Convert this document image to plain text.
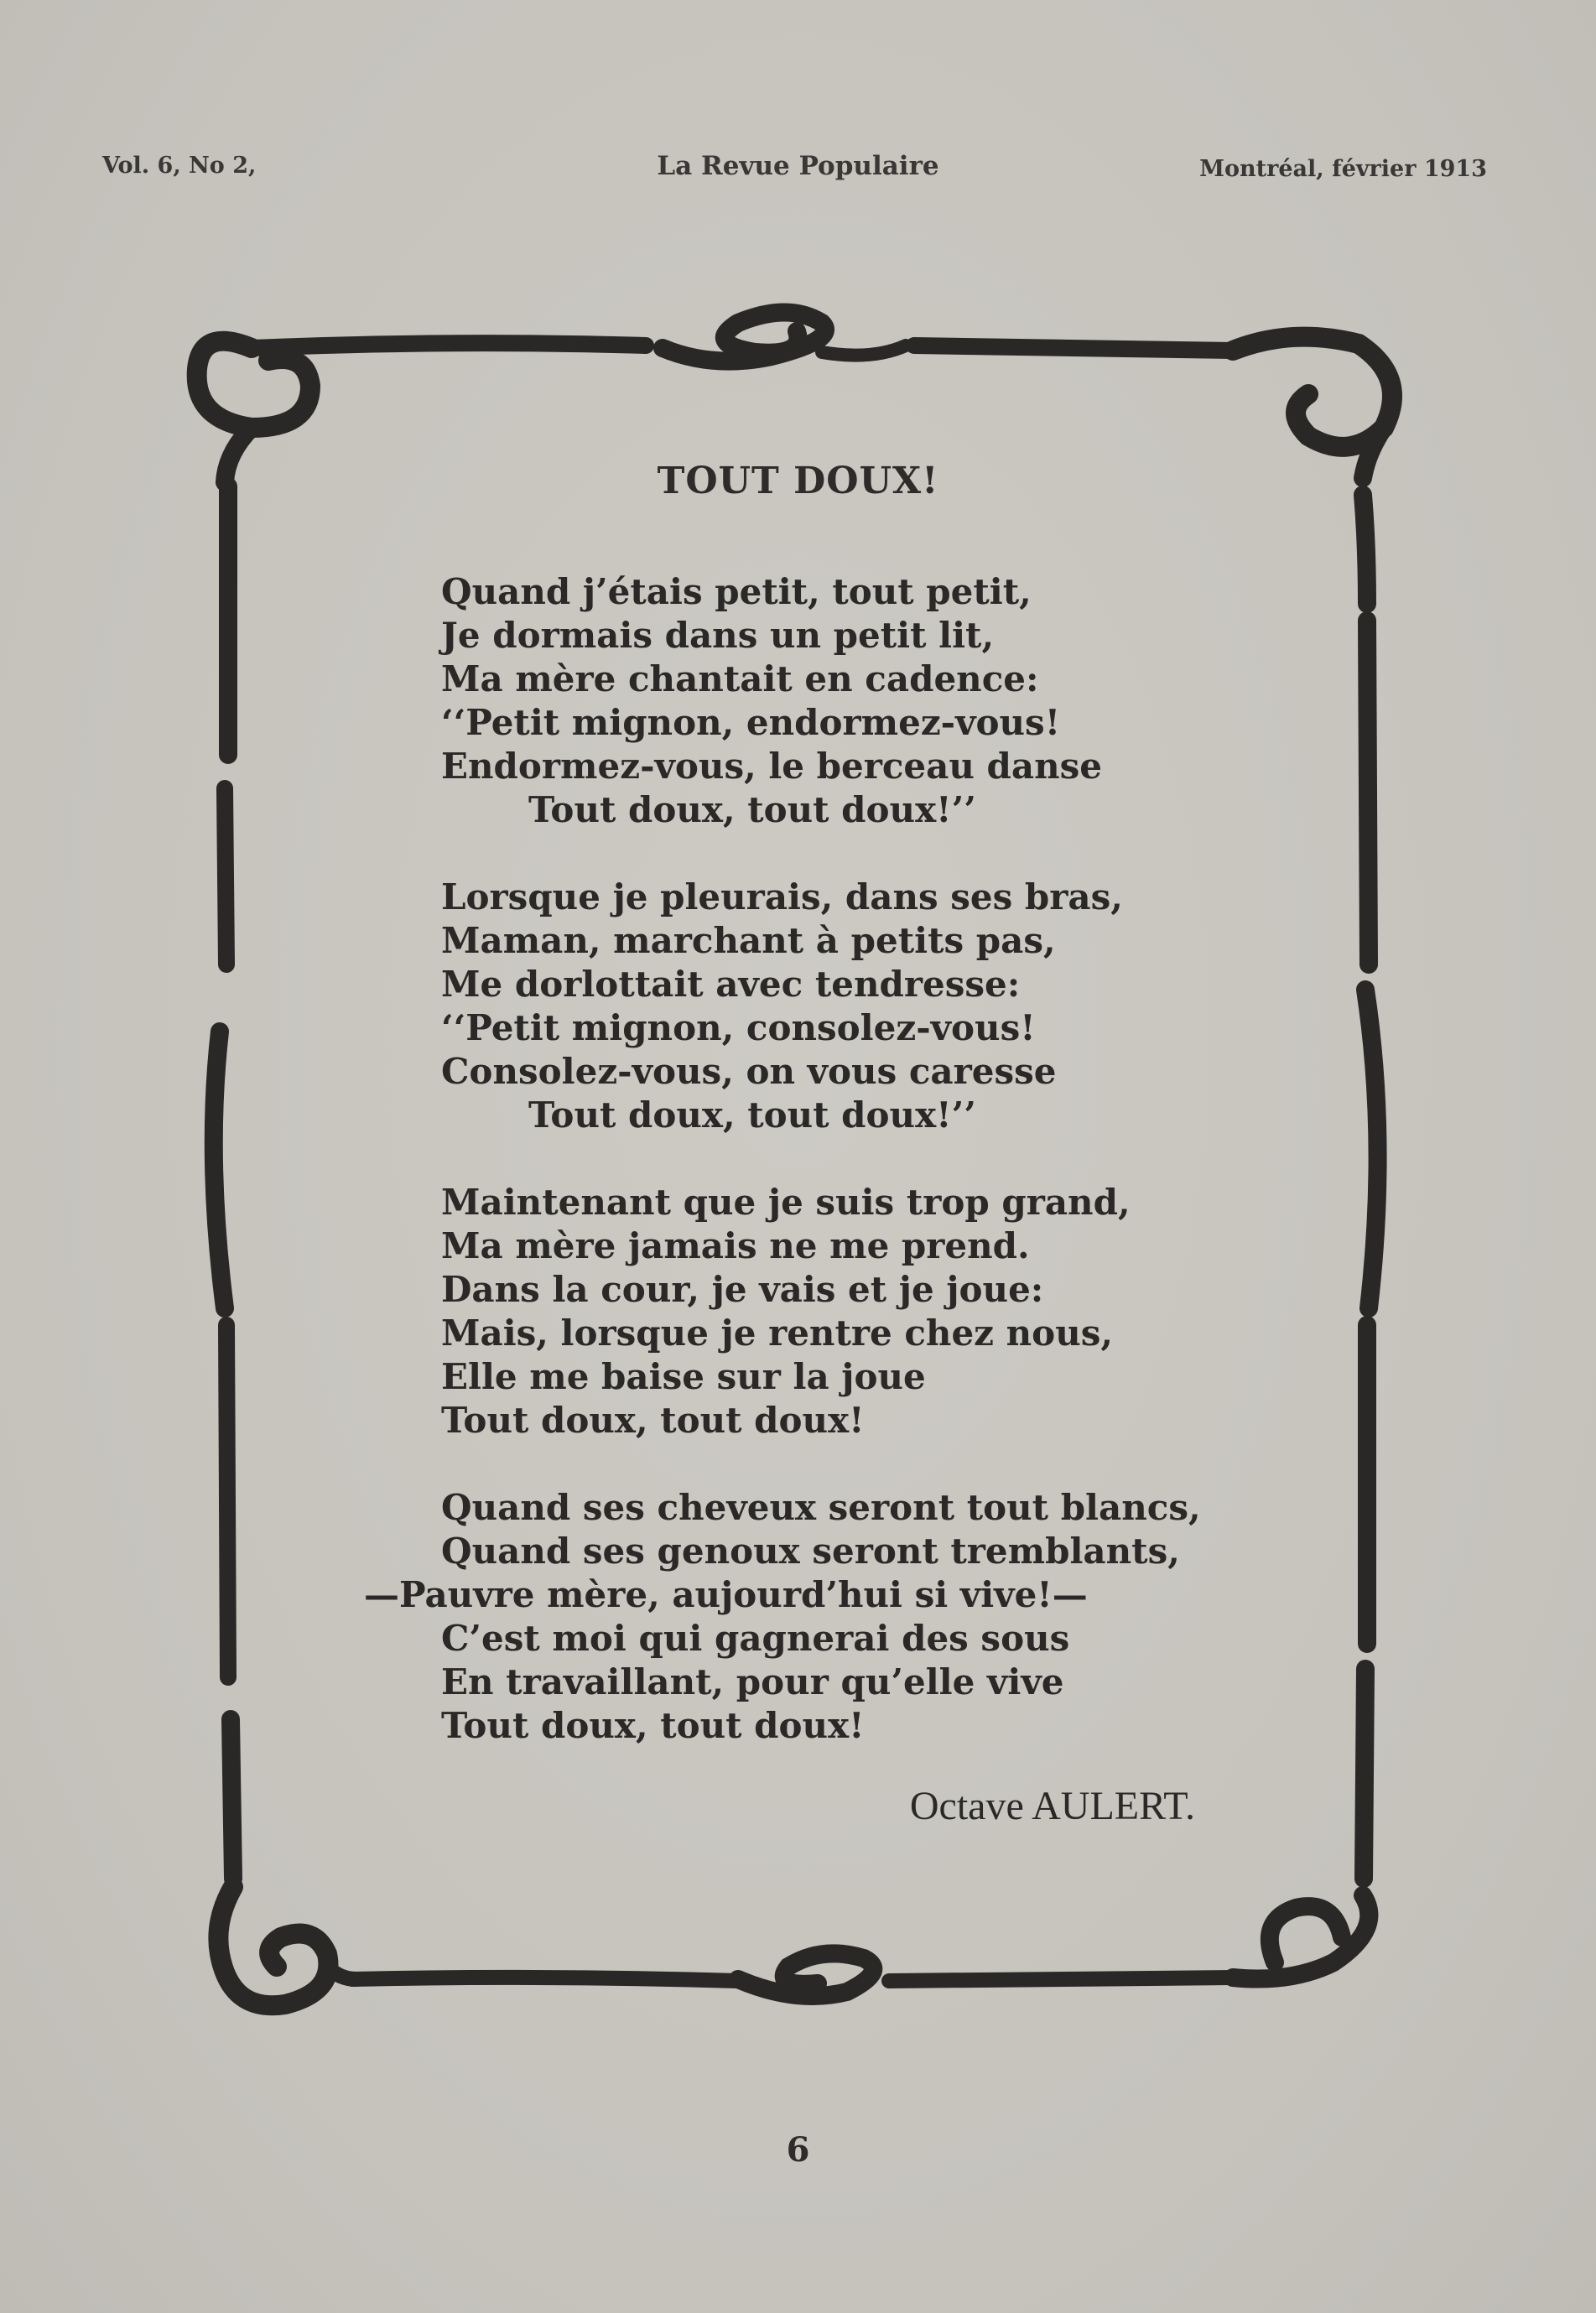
Vol. 6, No 2,	La Revue Populaire	Montréal, février 1913
TOUT DOUX!
Quand j’étais petit, tout petit,
Je dormais dans un petit lit,
Ma mère chantait en cadence:
‘‘Petit mignon, endormez-vous!
Endormez-vous, le berceau danse
Tout doux, tout doux!’’
Lorsque je pleurais, dans ses bras,
Maman, marchant à petits pas,
Me dorlottait avec tendresse:
‘‘Petit mignon, consolez-vous!
Consolez-vous, on vous caresse
Tout doux, tout doux!’’
Maintenant que je suis trop grand,
Ma mère jamais ne me prend.
Dans la cour, je vais et je joue:
Mais, lorsque je rentre chez nous,
Elle me baise sur la joue
Tout doux, tout doux!
Quand ses cheveux seront tout blancs,
Quand ses genoux seront tremblants,
—Pauvre mère, aujourd’hui si vive!—
C’est moi qui gagnerai des sous
En travaillant, pour qu’elle vive
Tout doux, tout doux!
Octave AULERT.
6
